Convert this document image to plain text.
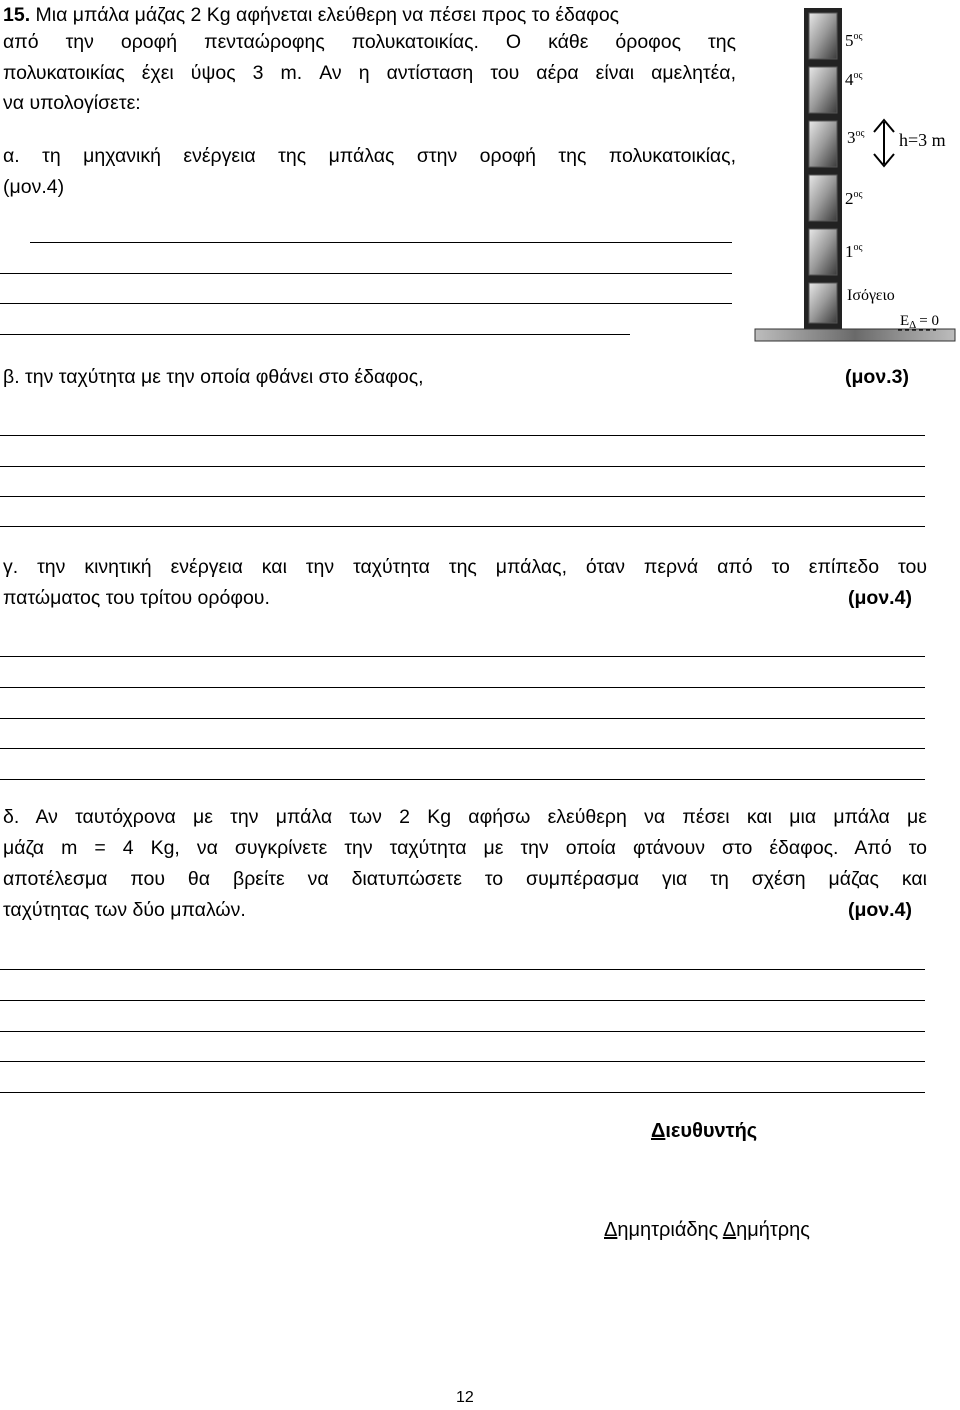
15. Μια μπάλα μάζας 2 Kg αφήνεται ελεύθερη να πέσει προς το έδαφος
από την οροφή πενταώροφης πολυκατοικίας. Ο κάθε όροφος της
πολυκατοικίας έχει ύψος 3 m. Αν η αντίσταση του αέρα είναι αμελητέα,
να υπολογίσετε:
α. τη μηχανική ενέργεια της μπάλας στην οροφή της πολυκατοικίας,
(μον.4)
$5^{o\varsigma}$
$4^{o\varsigma}$
$3^{o\varsigma}$
$2^{o\varsigma}$
$1^{o\varsigma}$
Ισόγειο
h=3 m
$E_\Delta = 0$
β. την ταχύτητα με την οποία φθάνει στο έδαφος,	(μον.3)
γ. την κινητική ενέργεια και την ταχύτητα της μπάλας, όταν περνά από το επίπεδο του
πατώματος του τρίτου ορόφου.	(μον.4)
δ. Αν ταυτόχρονα με την μπάλα των 2 Kg αφήσω ελεύθερη να πέσει και μια μπάλα με
μάζα m = 4 Kg, να συγκρίνετε την ταχύτητα με την οποία φτάνουν στο έδαφος. Από το
αποτέλεσμα που θα βρείτε να διατυπώσετε το συμπέρασμα για τη σχέση μάζας και
ταχύτητας των δύο μπαλών.	(μον.4)
Διευθυντής
Δημητριάδης Δημήτρης
12
